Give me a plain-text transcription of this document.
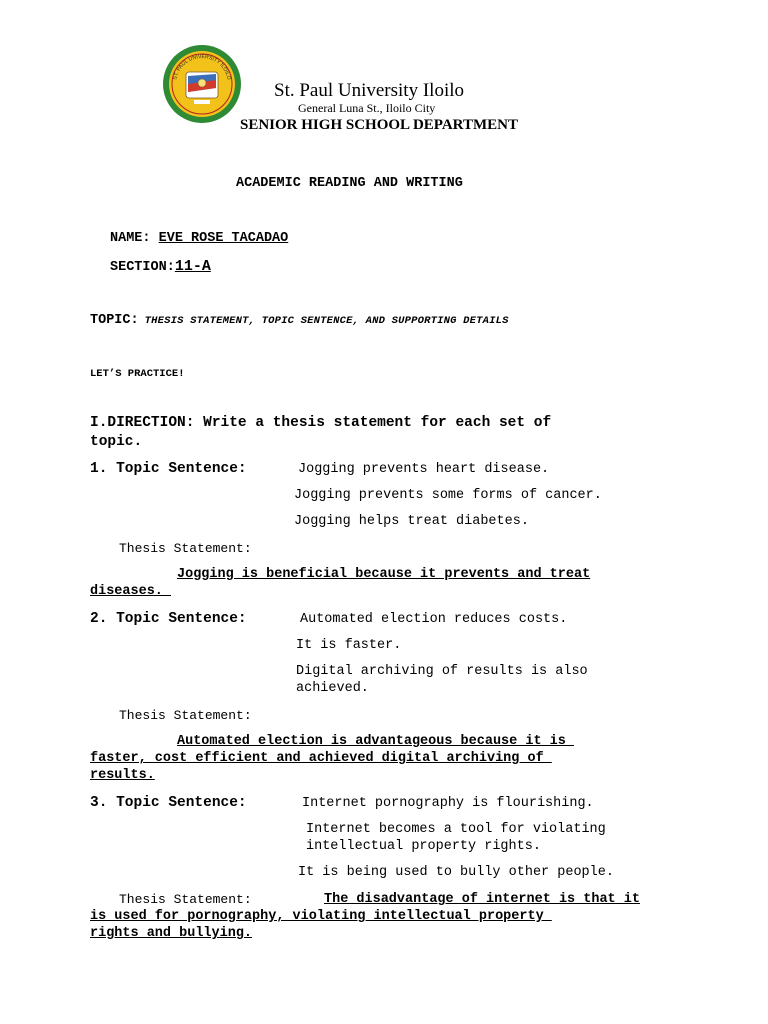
ST. PAUL UNIVERSITY ILOILO
St. Paul University Iloilo
General Luna St., Iloilo City
SENIOR HIGH SCHOOL DEPARTMENT
ACADEMIC READING AND WRITING
NAME: EVE ROSE TACADAO
SECTION:11-A
TOPIC: THESIS STATEMENT, TOPIC SENTENCE, AND SUPPORTING DETAILS
LET’S PRACTICE!
I.DIRECTION: Write a thesis statement for each set of
topic.
1. Topic Sentence:	Jogging prevents heart disease.
Jogging prevents some forms of cancer.
Jogging helps treat diabetes.
Thesis Statement:
Jogging is beneficial because it prevents and treat
diseases.
2. Topic Sentence:	Automated election reduces costs.
It is faster.
Digital archiving of results is also
achieved.
Thesis Statement:
Automated election is advantageous because it is
faster, cost efficient and achieved digital archiving of
results.
3. Topic Sentence:	Internet pornography is flourishing.
Internet becomes a tool for violating
intellectual property rights.
It is being used to bully other people.
Thesis Statement:	The disadvantage of internet is that it
is used for pornography, violating intellectual property
rights and bullying.
